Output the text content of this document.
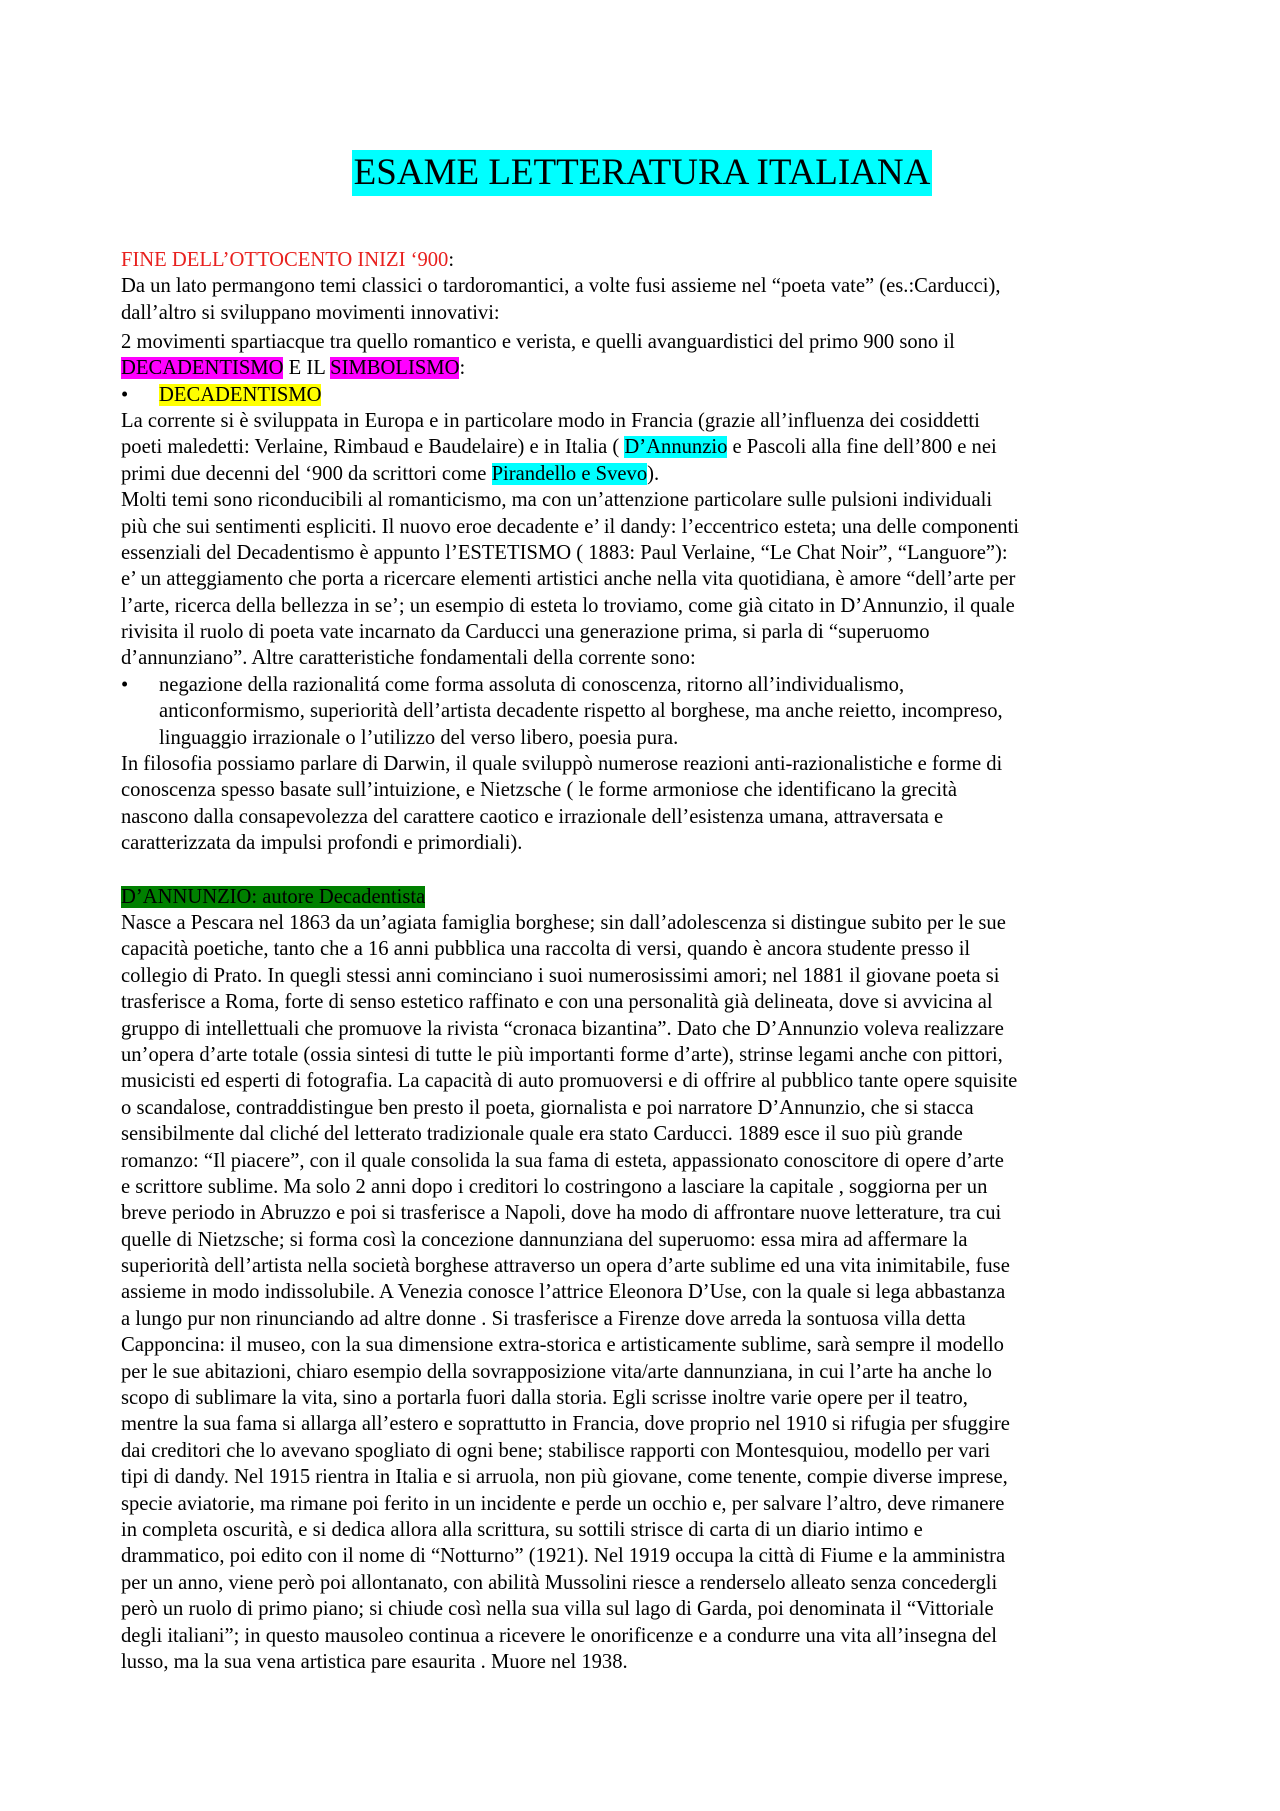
ESAME LETTERATURA ITALIANA
FINE DELL’OTTOCENTO INIZI ‘900:
Da un lato permangono temi classici o tardoromantici, a volte fusi assieme nel “poeta vate” (es.:Carducci),
dall’altro si sviluppano movimenti innovativi:
2 movimenti spartiacque tra quello romantico e verista, e quelli avanguardistici del primo 900 sono il
DECADENTISMO E IL SIMBOLISMO:
• DECADENTISMO
La corrente si è sviluppata in Europa e in particolare modo in Francia (grazie all’influenza dei cosiddetti
poeti maledetti: Verlaine, Rimbaud e Baudelaire) e in Italia ( D’Annunzio e Pascoli alla fine dell’800 e nei
primi due decenni del ‘900 da scrittori come Pirandello e Svevo).
Molti temi sono riconducibili al romanticismo, ma con un’attenzione particolare sulle pulsioni individuali
più che sui sentimenti espliciti. Il nuovo eroe decadente e’ il dandy: l’eccentrico esteta; una delle componenti
essenziali del Decadentismo è appunto l’ESTETISMO ( 1883: Paul Verlaine, “Le Chat Noir”, “Languore”):
e’ un atteggiamento che porta a ricercare elementi artistici anche nella vita quotidiana, è amore “dell’arte per
l’arte, ricerca della bellezza in se’; un esempio di esteta lo troviamo, come già citato in D’Annunzio, il quale
rivisita il ruolo di poeta vate incarnato da Carducci una generazione prima, si parla di “superuomo
d’annunziano”. Altre caratteristiche fondamentali della corrente sono:
• negazione della razionalitá come forma assoluta di conoscenza, ritorno all’individualismo,
anticonformismo, superiorità dell’artista decadente rispetto al borghese, ma anche reietto, incompreso,
linguaggio irrazionale o l’utilizzo del verso libero, poesia pura.
In filosofia possiamo parlare di Darwin, il quale sviluppò numerose reazioni anti-razionalistiche e forme di
conoscenza spesso basate sull’intuizione, e Nietzsche ( le forme armoniose che identificano la grecità
nascono dalla consapevolezza del carattere caotico e irrazionale dell’esistenza umana, attraversata e
caratterizzata da impulsi profondi e primordiali).
D’ANNUNZIO: autore Decadentista
Nasce a Pescara nel 1863 da un’agiata famiglia borghese; sin dall’adolescenza si distingue subito per le sue
capacità poetiche, tanto che a 16 anni pubblica una raccolta di versi, quando è ancora studente presso il
collegio di Prato. In quegli stessi anni cominciano i suoi numerosissimi amori; nel 1881 il giovane poeta si
trasferisce a Roma, forte di senso estetico raffinato e con una personalità già delineata, dove si avvicina al
gruppo di intellettuali che promuove la rivista “cronaca bizantina”. Dato che D’Annunzio voleva realizzare
un’opera d’arte totale (ossia sintesi di tutte le più importanti forme d’arte), strinse legami anche con pittori,
musicisti ed esperti di fotografia. La capacità di auto promuoversi e di offrire al pubblico tante opere squisite
o scandalose, contraddistingue ben presto il poeta, giornalista e poi narratore D’Annunzio, che si stacca
sensibilmente dal cliché del letterato tradizionale quale era stato Carducci. 1889 esce il suo più grande
romanzo: “Il piacere”, con il quale consolida la sua fama di esteta, appassionato conoscitore di opere d’arte
e scrittore sublime. Ma solo 2 anni dopo i creditori lo costringono a lasciare la capitale , soggiorna per un
breve periodo in Abruzzo e poi si trasferisce a Napoli, dove ha modo di affrontare nuove letterature, tra cui
quelle di Nietzsche; si forma così la concezione dannunziana del superuomo: essa mira ad affermare la
superiorità dell’artista nella società borghese attraverso un opera d’arte sublime ed una vita inimitabile, fuse
assieme in modo indissolubile. A Venezia conosce l’attrice Eleonora D’Use, con la quale si lega abbastanza
a lungo pur non rinunciando ad altre donne . Si trasferisce a Firenze dove arreda la sontuosa villa detta
Capponcina: il museo, con la sua dimensione extra-storica e artisticamente sublime, sarà sempre il modello
per le sue abitazioni, chiaro esempio della sovrapposizione vita/arte dannunziana, in cui l’arte ha anche lo
scopo di sublimare la vita, sino a portarla fuori dalla storia. Egli scrisse inoltre varie opere per il teatro,
mentre la sua fama si allarga all’estero e soprattutto in Francia, dove proprio nel 1910 si rifugia per sfuggire
dai creditori che lo avevano spogliato di ogni bene; stabilisce rapporti con Montesquiou, modello per vari
tipi di dandy. Nel 1915 rientra in Italia e si arruola, non più giovane, come tenente, compie diverse imprese,
specie aviatorie, ma rimane poi ferito in un incidente e perde un occhio e, per salvare l’altro, deve rimanere
in completa oscurità, e si dedica allora alla scrittura, su sottili strisce di carta di un diario intimo e
drammatico, poi edito con il nome di “Notturno” (1921). Nel 1919 occupa la città di Fiume e la amministra
per un anno, viene però poi allontanato, con abilità Mussolini riesce a renderselo alleato senza concedergli
però un ruolo di primo piano; si chiude così nella sua villa sul lago di Garda, poi denominata il “Vittoriale
degli italiani”; in questo mausoleo continua a ricevere le onorificenze e a condurre una vita all’insegna del
lusso, ma la sua vena artistica pare esaurita . Muore nel 1938.
